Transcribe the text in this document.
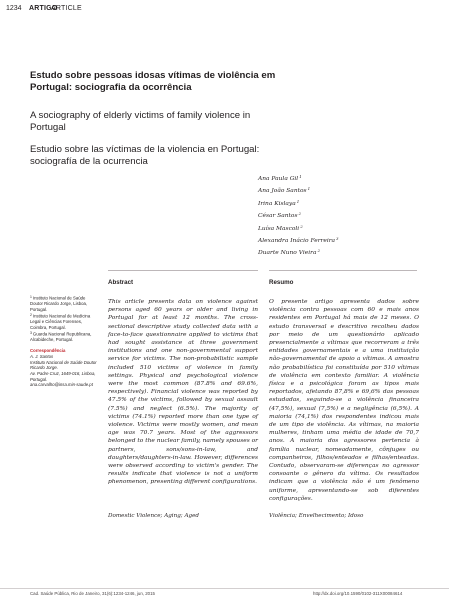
1234 ARTIGO
ARTICLE
Estudo sobre pessoas idosas vítimas de violência em Portugal: sociografia da ocorrência
A sociography of elderly victims of family violence in Portugal
Estudio sobre las víctimas de la violencia en Portugal: sociografía de la ocurrencia
Ana Paula Gil$^1$
Ana João Santos$^1$
Irina Kislaya$^1$
César Santos$^2$
Luísa Mascoli$^2$
Alexandra Inácio Ferreira$^3$
Duarte Nuno Vieira$^2$
Abstract	Resumo
$^1$Instituto Nacional de Saúde Doutor Ricardo Jorge, Lisboa, Portugal.
$^2$Instituto Nacional de Medicina Legal e Ciências Forenses, Coimbra, Portugal.
$^3$Guarda Nacional Republicana, Alcabideche, Portugal.
Correspondência
A. J. Santos
Instituto Nacional de Saúde Doutor Ricardo Jorge.
Av. Padre Cruz, 1649-016, Lisboa, Portugal.
ana.carvalho@insa.min-saude.pt
This article presents data on violence against persons aged 60 years or older and living in Portugal for at least 12 months. The cross-sectional descriptive study collected data with a face-to-face questionnaire applied to victims that had sought assistance at three government institutions and one non-governmental support service for victims. The non-probabilistic sample included 510 victims of violence in family settings. Physical and psychological violence were the most common (87.8% and 69.6%, respectively). Financial violence was reported by 47.5% of the victims, followed by sexual assault (7.5%) and neglect (6.5%). The majority of victims (74.1%) reported more than one type of violence. Victims were mostly women, and mean age was 70.7 years. Most of the aggressors belonged to the nuclear family, namely spouses or partners, sons/sons-in-law, and daughters/daughters-in-law. However, differences were observed according to victim's gender. The results indicate that violence is not a uniform phenomenon, presenting different configurations.
O presente artigo apresenta dados sobre violência contra pessoas com 60 e mais anos residentes em Portugal há mais de 12 meses. O estudo transversal e descritivo recolheu dados por meio de um questionário aplicado presencialmente a vítimas que recorreram a três entidades governamentais e a uma instituição não-governamental de apoio a vítimas. A amostra não probabilística foi constituída por 510 vítimas de violência em contexto familiar. A violência física e a psicológica foram as tipos mais reportados, afetando 87,8% e 69,6% das pessoas estudadas, seguindo-se a violência financeira (47,5%), sexual (7,5%) e a negligência (6,5%). A maioria (74,1%) dos respondentes indicou mais de um tipo de violência. As vítimas, na maioria mulheres, tinham uma média de idade de 70,7 anos. A maioria dos agressores pertencia à família nuclear, nomeadamente, cônjuges ou companheiros, filhos/enteados e filhas/enteadas. Contudo, observaram-se diferenças no agressor consoante o gênero da vítima. Os resultados indicam que a violência não é um fenômeno uniforme, apresentando-se sob diferentes configurações.
Domestic Violence; Aging; Aged	Violência; Envelhecimento; Idoso
Cad. Saúde Pública, Rio de Janeiro, 31(6):1234-1246, jun, 2015	http://dx.doi.org/10.1590/0102-311X00084614
